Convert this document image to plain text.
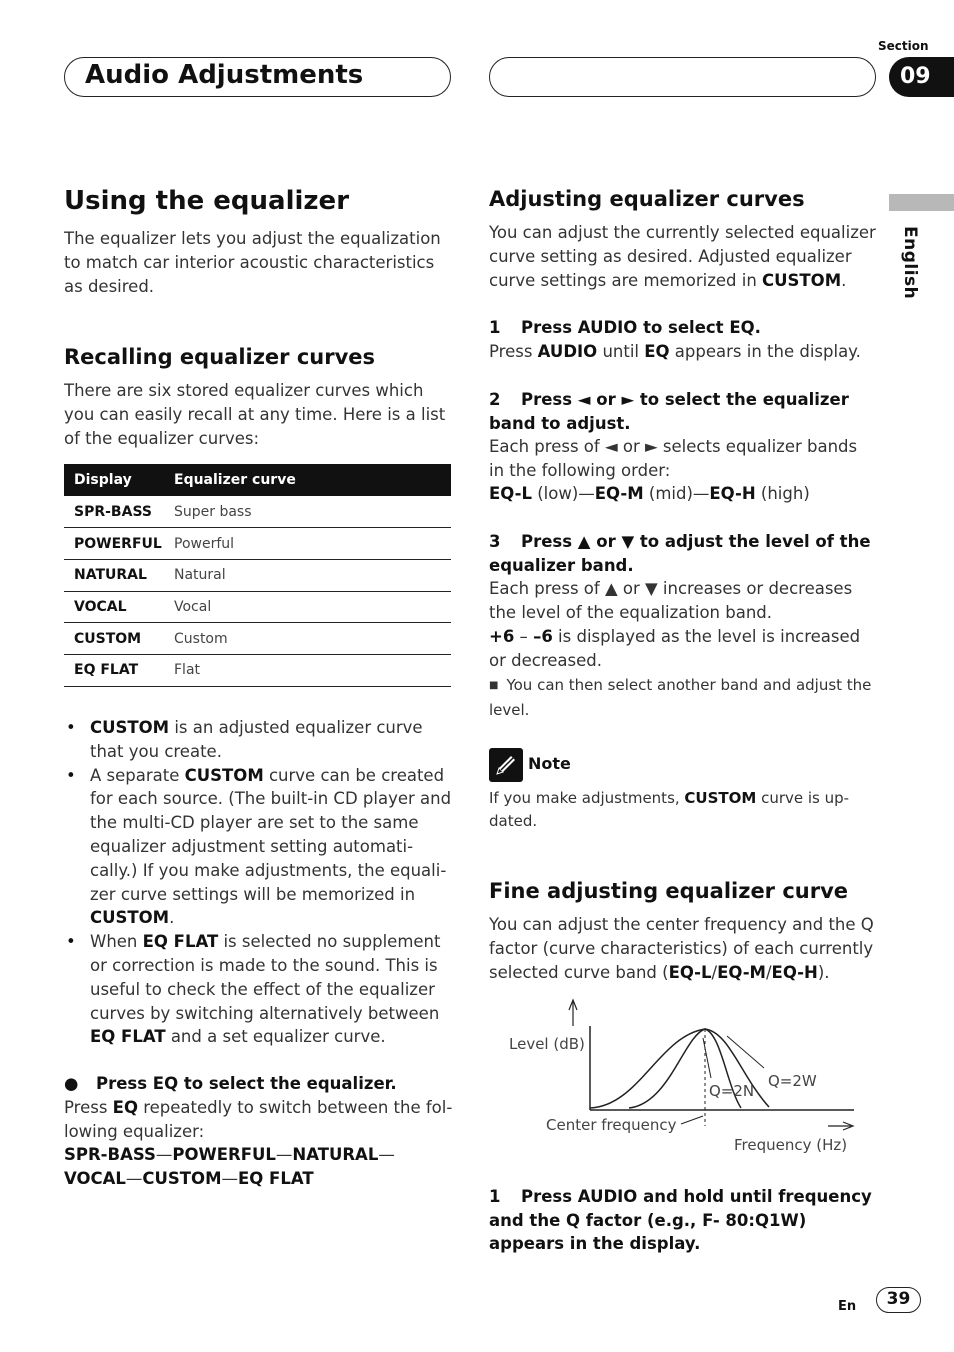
Audio Adjustments
Section
09
English
Using the equalizer
The equalizer lets you adjust the equalization
to match car interior acoustic characteristics
as desired.
Recalling equalizer curves
There are six stored equalizer curves which
you can easily recall at any time. Here is a list
of the equalizer curves:
Display	Equalizer curve
SPR-BASS	Super bass
POWERFUL	Powerful
NATURAL	Natural
VOCAL	Vocal
CUSTOM	Custom
EQ FLAT	Flat
• CUSTOM is an adjusted equalizer curve that you create.
• A separate CUSTOM curve can be created for each source. (The built-in CD player and the multi-CD player are set to the same equalizer adjustment setting automati-cally.) If you make adjustments, the equali-zer curve settings will be memorized in CUSTOM.
• When EQ FLAT is selected no supplement or correction is made to the sound. This is useful to check the effect of the equalizer curves by switching alternatively between EQ FLAT and a set equalizer curve.
● Press EQ to select the equalizer.
Press EQ repeatedly to switch between the fol-lowing equalizer:
SPR-BASS—POWERFUL—NATURAL—
VOCAL—CUSTOM—EQ FLAT
Adjusting equalizer curves
You can adjust the currently selected equalizer curve setting as desired. Adjusted equalizer curve settings are memorized in CUSTOM.
1 Press AUDIO to select EQ.
Press AUDIO until EQ appears in the display.
2 Press ◄ or ► to select the equalizer band to adjust.
Each press of ◄ or ► selects equalizer bands in the following order:
EQ-L (low)—EQ-M (mid)—EQ-H (high)
3 Press ▲ or ▼ to adjust the level of the equalizer band.
Each press of ▲ or ▼ increases or decreases the level of the equalization band.
+6 – –6 is displayed as the level is increased or decreased.
■ You can then select another band and adjust the level.
Note
If you make adjustments, CUSTOM curve is up-dated.
Fine adjusting equalizer curve
You can adjust the center frequency and the Q factor (curve characteristics) of each currently selected curve band (EQ-L/EQ-M/EQ-H).
Level (dB)
Q=2N
Q=2W
Center frequency
Frequency (Hz)
1 Press AUDIO and hold until frequency and the Q factor (e.g., F- 80:Q1W) appears in the display.
En	39
